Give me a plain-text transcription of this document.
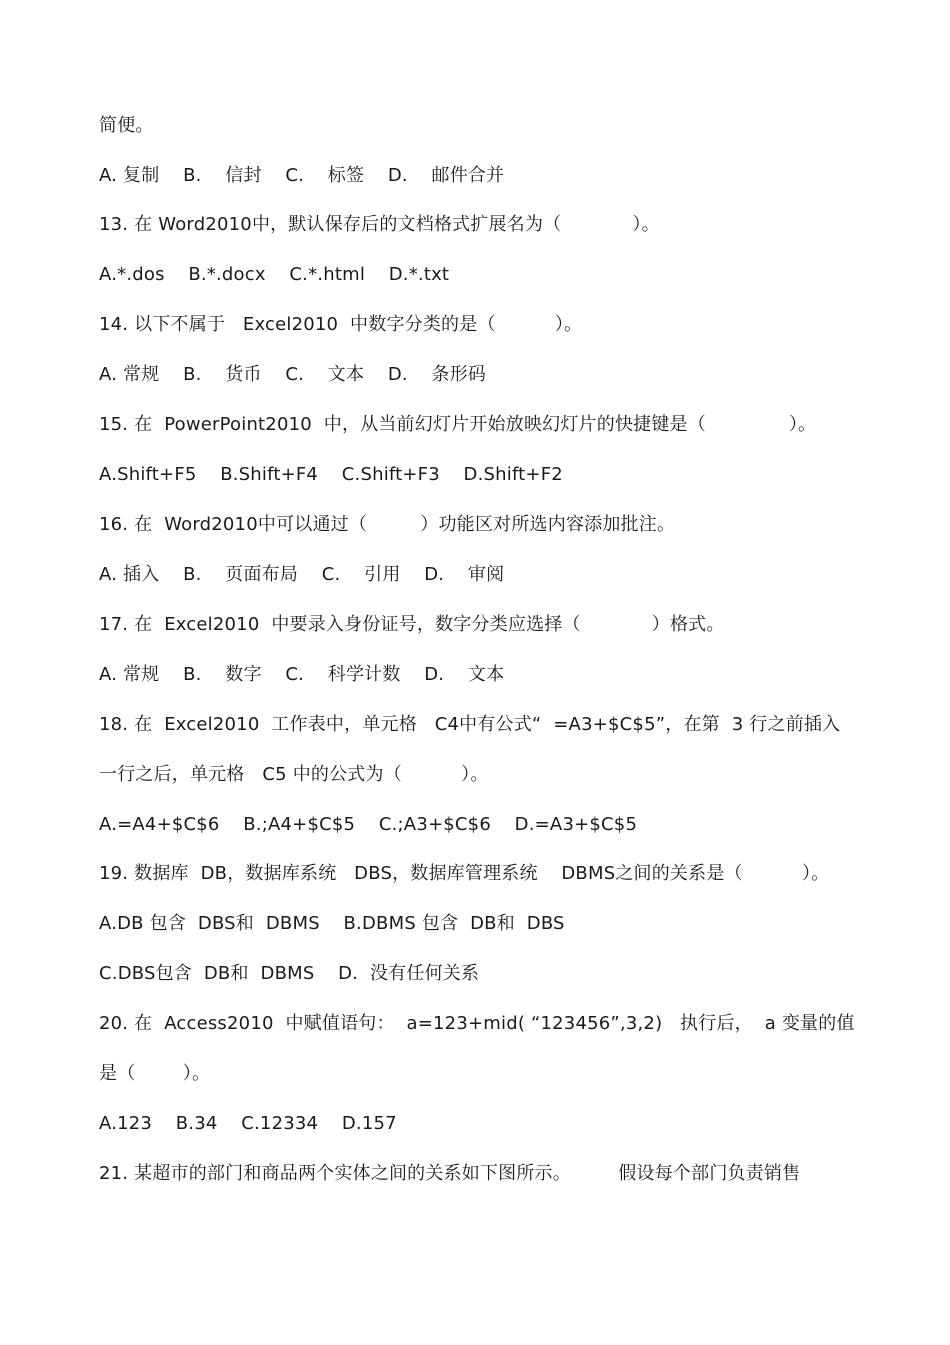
简便。
A. 复制    B.    信封    C.    标签    D.    邮件合并
13. 在 Word2010中，默认保存后的文档格式扩展名为（            ）。
A.*.dos    B.*.docx    C.*.html    D.*.txt
14. 以下不属于   Excel2010  中数字分类的是（          ）。
A. 常规    B.    货币    C.    文本    D.    条形码
15. 在  PowerPoint2010  中，从当前幻灯片开始放映幻灯片的快捷键是（              ）。
A.Shift+F5    B.Shift+F4    C.Shift+F3    D.Shift+F2
16. 在  Word2010中可以通过（         ）功能区对所选内容添加批注。
A. 插入    B.    页面布局    C.    引用    D.    审阅
17. 在  Excel2010  中要录入身份证号，数字分类应选择（            ）格式。
A. 常规    B.    数字    C.    科学计数    D.    文本
18. 在  Excel2010  工作表中，单元格   C4中有公式“  =A3+$C$5”，在第  3 行之前插入
一行之后，单元格   C5 中的公式为（          ）。
A.=A4+$C$6    B.;A4+$C$5    C.;A3+$C$6    D.=A3+$C$5
19. 数据库  DB，数据库系统   DBS，数据库管理系统    DBMS之间的关系是（          ）。
A.DB 包含  DBS和  DBMS    B.DBMS 包含  DB和  DBS
C.DBS包含  DB和  DBMS    D.  没有任何关系
20. 在  Access2010  中赋值语句：  a=123+mid( “123456”,3,2)   执行后，  a 变量的值
是（        ）。
A.123    B.34    C.12334    D.157
21. 某超市的部门和商品两个实体之间的关系如下图所示。        假设每个部门负责销售
